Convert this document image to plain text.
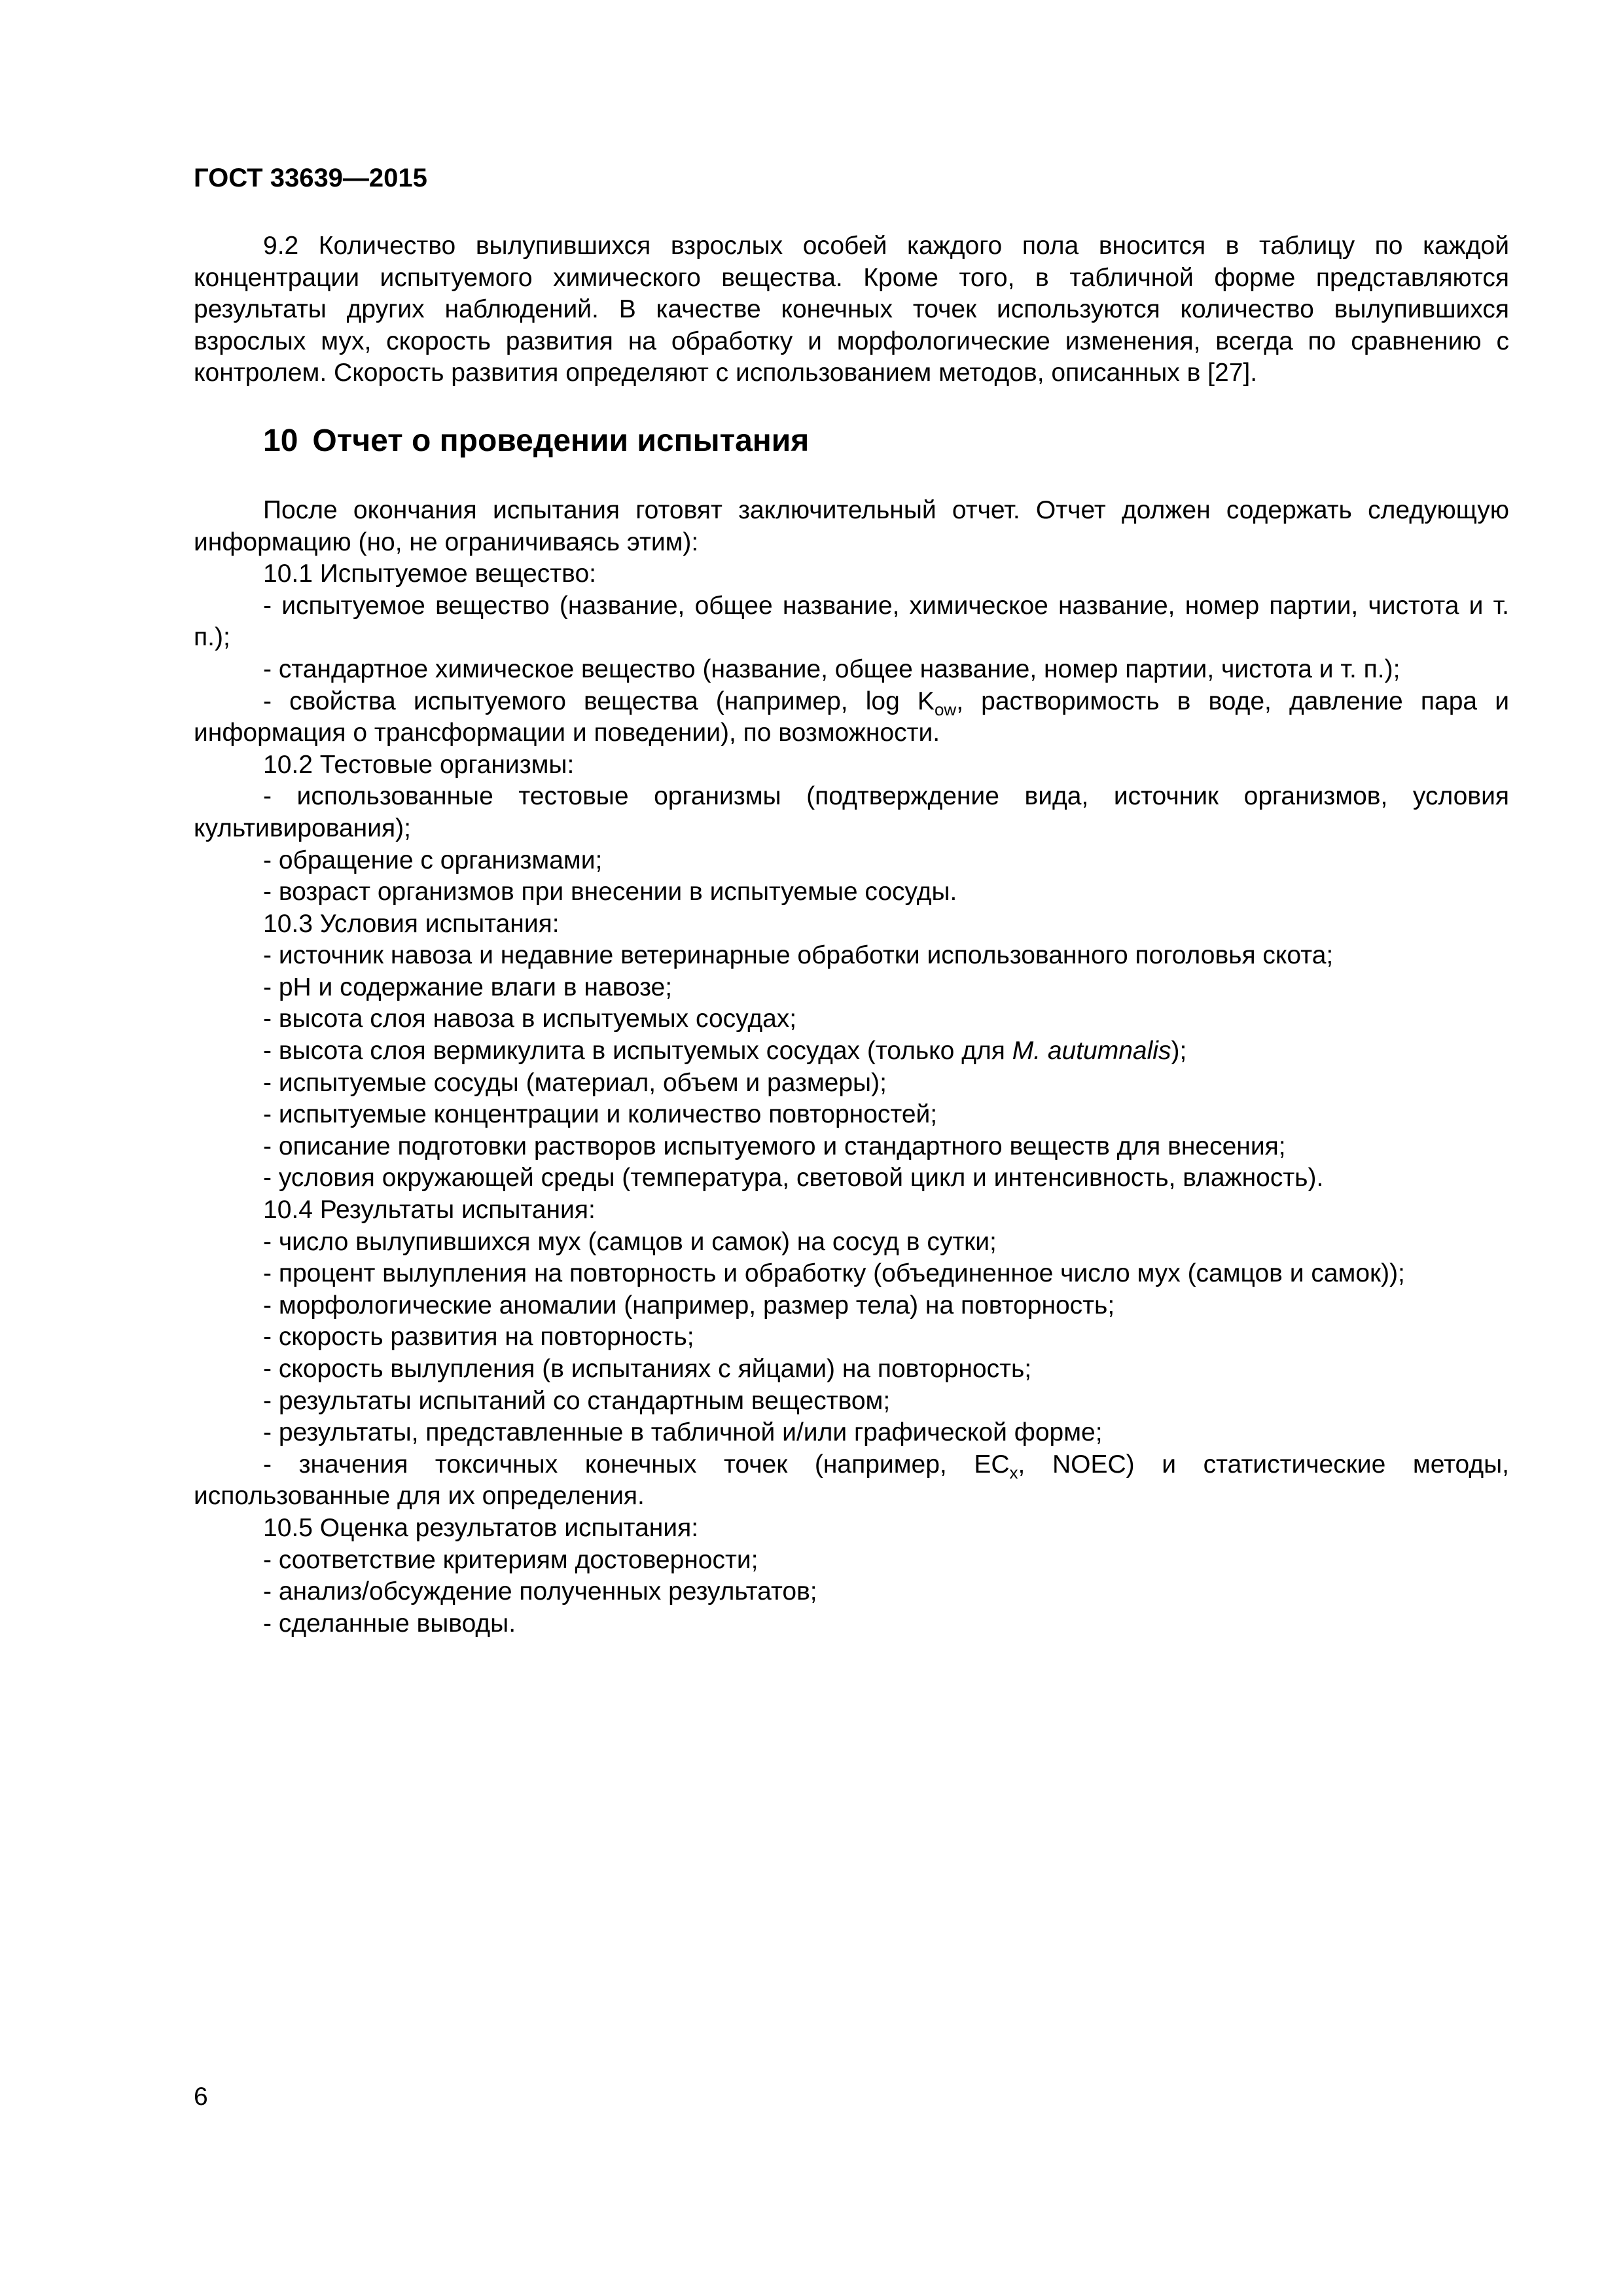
ГОСТ 33639—2015

9.2 Количество вылупившихся взрослых особей каждого пола вносится в таблицу по каждой концентрации испытуемого химического вещества. Кроме того, в табличной форме представляются результаты других наблюдений. В качестве конечных точек используются количество вылупившихся взрослых мух, скорость развития на обработку и морфологические изменения, всегда по сравнению с контролем. Скорость развития определяют с использованием методов, описанных в [27].

10 Отчет о проведении испытания

После окончания испытания готовят заключительный отчет. Отчет должен содержать следующую информацию (но, не ограничиваясь этим):

10.1 Испытуемое вещество:

- испытуемое вещество (название, общее название, химическое название, номер партии, чистота и т. п.);

- стандартное химическое вещество (название, общее название, номер партии, чистота и т. п.);

- свойства испытуемого вещества (например, $\log K_{ow}$, растворимость в воде, давление пара и информация о трансформации и поведении), по возможности.

10.2 Тестовые организмы:

- использованные тестовые организмы (подтверждение вида, источник организмов, условия культивирования);

- обращение с организмами;

- возраст организмов при внесении в испытуемые сосуды.

10.3 Условия испытания:

- источник навоза и недавние ветеринарные обработки использованного поголовья скота;

- pH и содержание влаги в навозе;

- высота слоя навоза в испытуемых сосудах;

- высота слоя вермикулита в испытуемых сосудах (только для M. autumnalis);

- испытуемые сосуды (материал, объем и размеры);

- испытуемые концентрации и количество повторностей;

- описание подготовки растворов испытуемого и стандартного веществ для внесения;

- условия окружающей среды (температура, световой цикл и интенсивность, влажность).

10.4 Результаты испытания:

- число вылупившихся мух (самцов и самок) на сосуд в сутки;

- процент вылупления на повторность и обработку (объединенное число мух (самцов и самок));

- морфологические аномалии (например, размер тела) на повторность;

- скорость развития на повторность;

- скорость вылупления (в испытаниях с яйцами) на повторность;

- результаты испытаний со стандартным веществом;

- результаты, представленные в табличной и/или графической форме;

- значения токсичных конечных точек (например, $EC_x$, NOEC) и статистические методы, использованные для их определения.

10.5 Оценка результатов испытания:

- соответствие критериям достоверности;

- анализ/обсуждение полученных результатов;

- сделанные выводы.

6
